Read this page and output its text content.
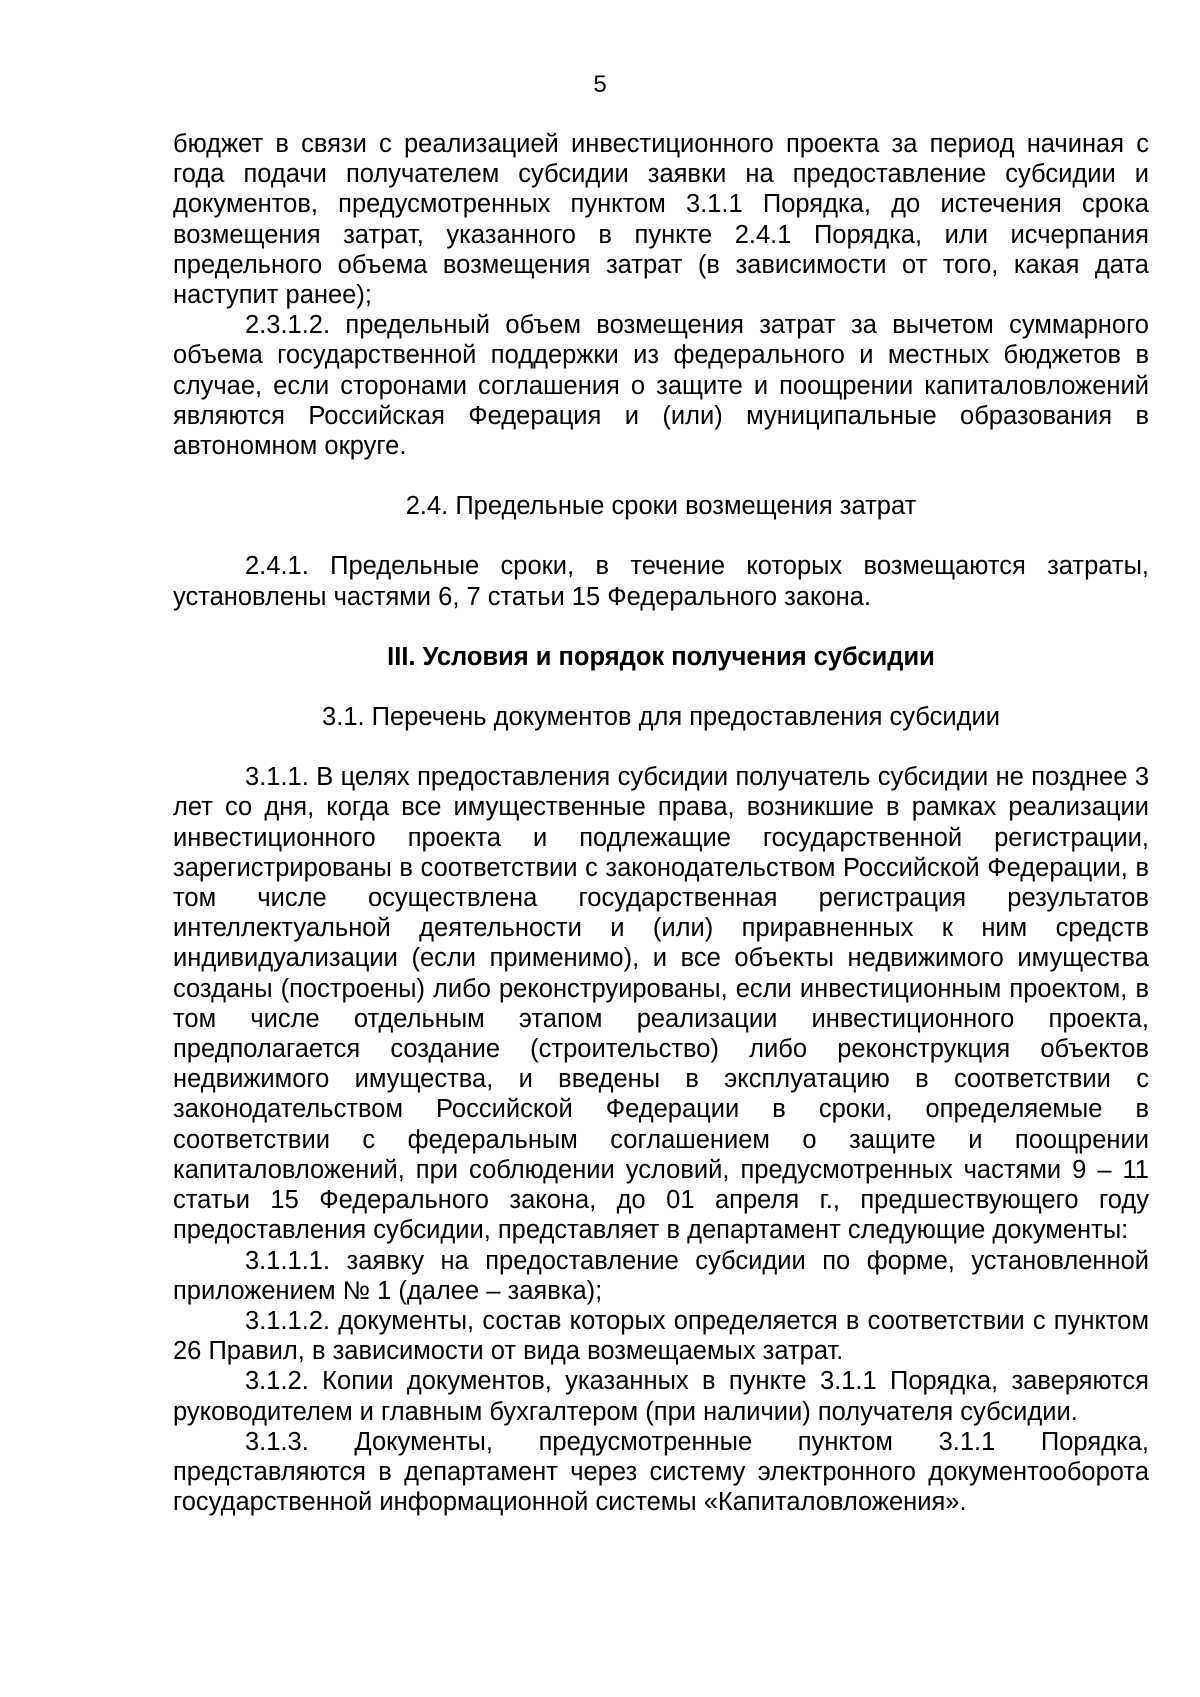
5

бюджет в связи с реализацией инвестиционного проекта за период начиная с года подачи получателем субсидии заявки на предоставление субсидии и документов, предусмотренных пунктом 3.1.1 Порядка, до истечения срока возмещения затрат, указанного в пункте 2.4.1 Порядка, или исчерпания предельного объема возмещения затрат (в зависимости от того, какая дата наступит ранее);

2.3.1.2. предельный объем возмещения затрат за вычетом суммарного объема государственной поддержки из федерального и местных бюджетов в случае, если сторонами соглашения о защите и поощрении капиталовложений являются Российская Федерация и (или) муниципальные образования в автономном округе.

2.4. Предельные сроки возмещения затрат

2.4.1. Предельные сроки, в течение которых возмещаются затраты, установлены частями 6, 7 статьи 15 Федерального закона.

III. Условия и порядок получения субсидии

3.1. Перечень документов для предоставления субсидии

3.1.1. В целях предоставления субсидии получатель субсидии не позднее 3 лет со дня, когда все имущественные права, возникшие в рамках реализации инвестиционного проекта и подлежащие государственной регистрации, зарегистрированы в соответствии с законодательством Российской Федерации, в том числе осуществлена государственная регистрация результатов интеллектуальной деятельности и (или) приравненных к ним средств индивидуализации (если применимо), и все объекты недвижимого имущества созданы (построены) либо реконструированы, если инвестиционным проектом, в том числе отдельным этапом реализации инвестиционного проекта, предполагается создание (строительство) либо реконструкция объектов недвижимого имущества, и введены в эксплуатацию в соответствии с законодательством Российской Федерации в сроки, определяемые в соответствии с федеральным соглашением о защите и поощрении капиталовложений, при соблюдении условий, предусмотренных частями 9 – 11 статьи 15 Федерального закона, до 01 апреля г., предшествующего году предоставления субсидии, представляет в департамент следующие документы:

3.1.1.1. заявку на предоставление субсидии по форме, установленной приложением № 1 (далее – заявка);

3.1.1.2. документы, состав которых определяется в соответствии с пунктом 26 Правил, в зависимости от вида возмещаемых затрат.

3.1.2. Копии документов, указанных в пункте 3.1.1 Порядка, заверяются руководителем и главным бухгалтером (при наличии) получателя субсидии.

3.1.3. Документы, предусмотренные пунктом 3.1.1 Порядка, представляются в департамент через систему электронного документооборота государственной информационной системы «Капиталовложения».
